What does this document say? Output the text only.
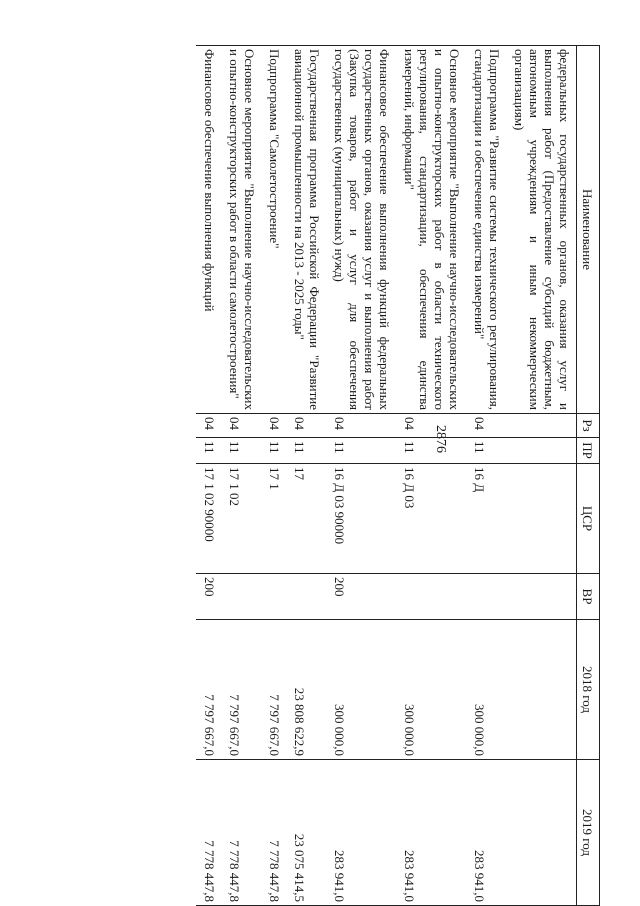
2876
Наименование	Рз	ПР	ЦСР	ВР	2018 год	2019 год
федеральных государственных органов, оказания услуг и выполнения работ (Предоставление субсидий бюджетным, автономным учреждениям и иным некоммерческим организациям)						
Подпрограмма "Развитие системы технического регулирования, стандартизации и обеспечение единства измерений"	04	11	16 Д		300 000,0	283 941,0
Основное мероприятие "Выполнение научно-исследовательских и опытно-конструкторских работ в области технического регулирования, стандартизации, обеспечения единства измерений, информации"	04	11	16 Д 03		300 000,0	283 941,0
Финансовое обеспечение выполнения функций федеральных государственных органов, оказания услуг и выполнения работ (Закупка товаров, работ и услуг для обеспечения государственных (муниципальных) нужд)	04	11	16 Д 03 90000	200	300 000,0	283 941,0
Государственная программа Российской Федерации "Развитие авиационной промышленности на 2013 - 2025 годы"	04	11	17		23 808 622,9	23 075 414,5
Подпрограмма "Самолетостроение"	04	11	17 1		7 797 667,0	7 778 447,8
Основное мероприятие "Выполнение научно-исследовательских и опытно-конструкторских работ в области самолетостроения"	04	11	17 1 02		7 797 667,0	7 778 447,8
Финансовое обеспечение выполнения функций	04	11	17 1 02 90000	200	7 797 667,0	7 778 447,8
